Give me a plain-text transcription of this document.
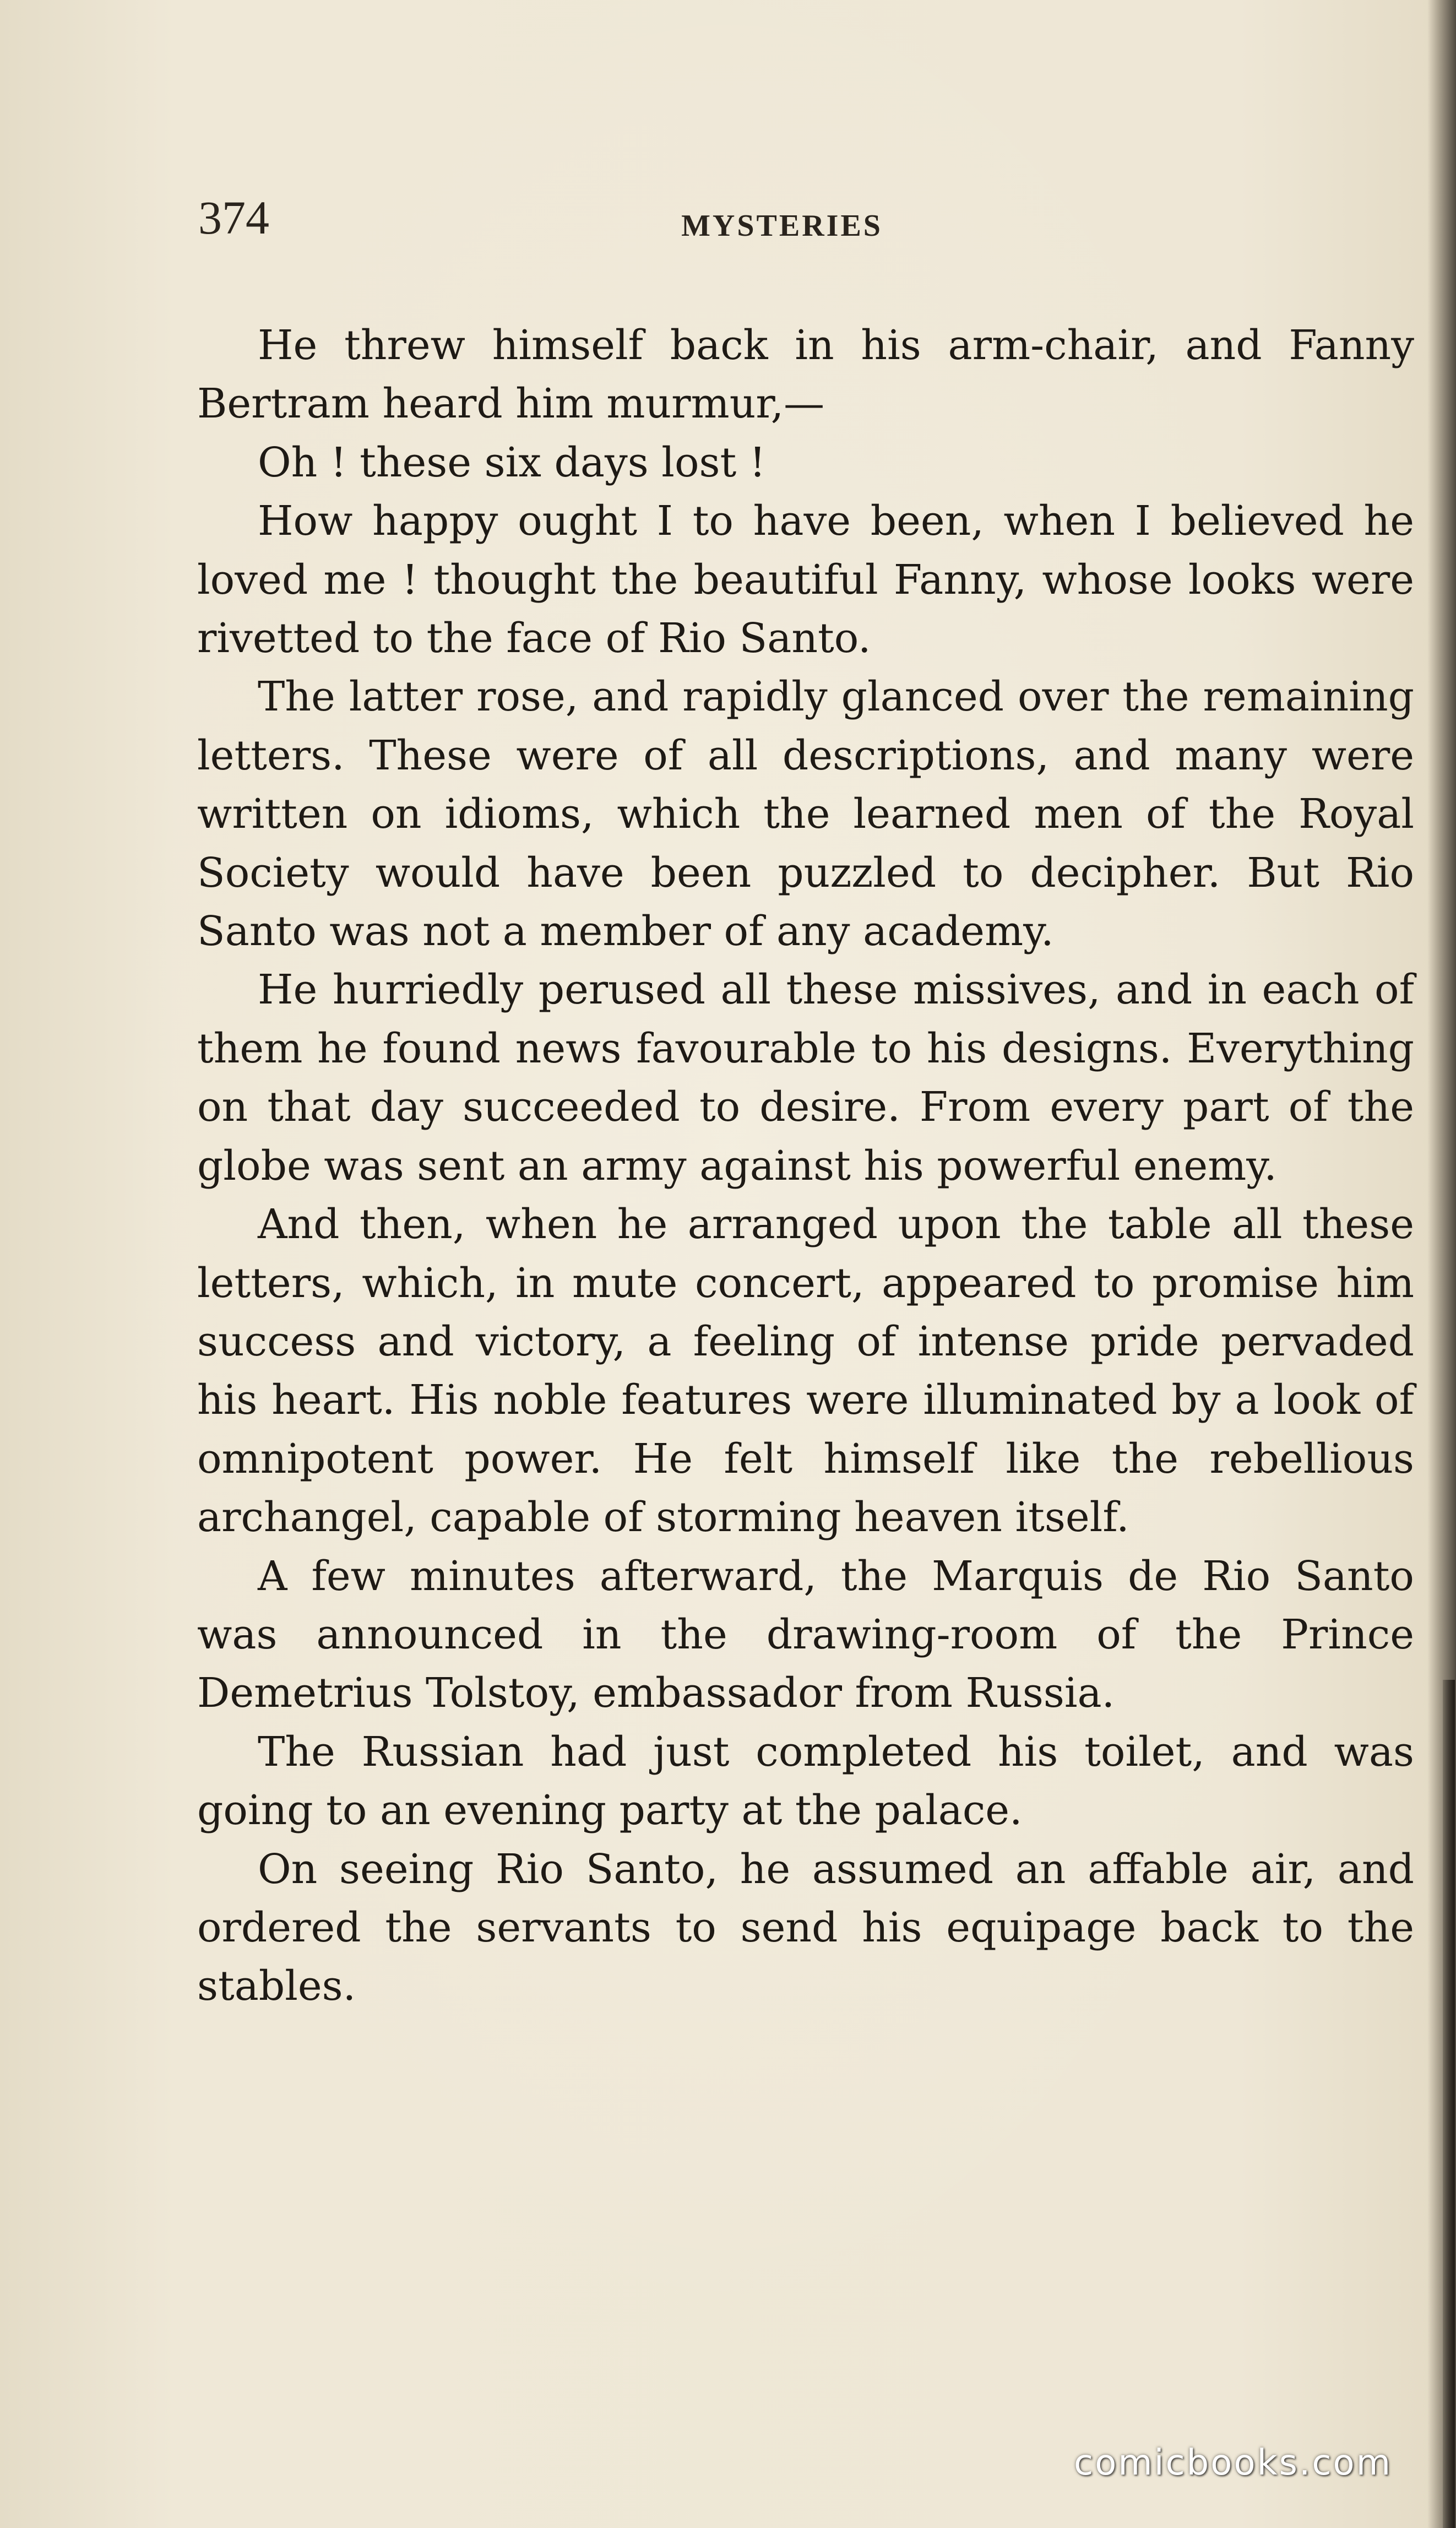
374	MYSTERIES

He threw himself back in his arm-chair, and Fanny Bertram heard him murmur,—

Oh ! these six days lost !

How happy ought I to have been, when I believed he loved me ! thought the beautiful Fanny, whose looks were rivetted to the face of Rio Santo.

The latter rose, and rapidly glanced over the remaining letters. These were of all descriptions, and many were written on idioms, which the learned men of the Royal Society would have been puzzled to decipher. But Rio Santo was not a member of any academy.

He hurriedly perused all these missives, and in each of them he found news favourable to his designs. Everything on that day succeeded to desire. From every part of the globe was sent an army against his powerful enemy.

And then, when he arranged upon the table all these letters, which, in mute concert, appeared to promise him success and victory, a feeling of intense pride pervaded his heart. His noble features were illuminated by a look of omnipotent power. He felt himself like the rebellious archangel, capable of storming heaven itself.

A few minutes afterward, the Marquis de Rio Santo was announced in the drawing-room of the Prince Demetrius Tolstoy, embassador from Russia.

The Russian had just completed his toilet, and was going to an evening party at the palace.

On seeing Rio Santo, he assumed an affable air, and ordered the servants to send his equipage back to the stables.

comicbooks.com
